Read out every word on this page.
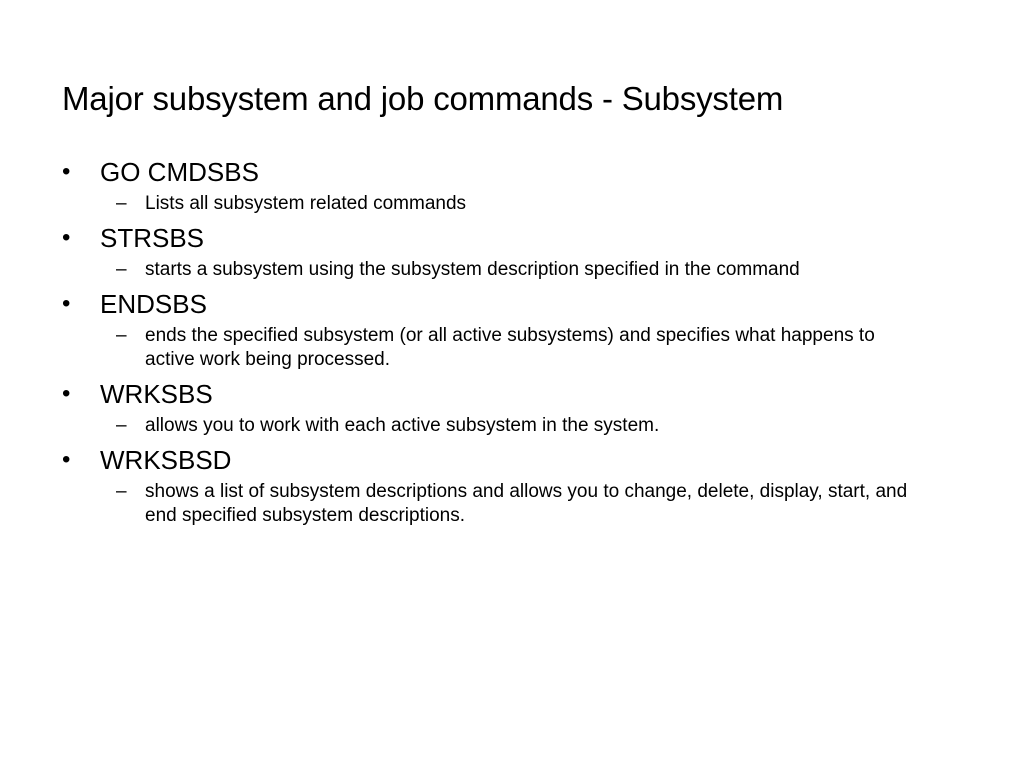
Major subsystem and job commands - Subsystem
• GO CMDSBS
– Lists all subsystem related commands
• STRSBS
– starts a subsystem using the subsystem description specified in the command
• ENDSBS
– ends the specified subsystem (or all active subsystems) and specifies what happens to active work being processed.
• WRKSBS
– allows you to work with each active subsystem in the system.
• WRKSBSD
– shows a list of subsystem descriptions and allows you to change, delete, display, start, and end specified subsystem descriptions.
